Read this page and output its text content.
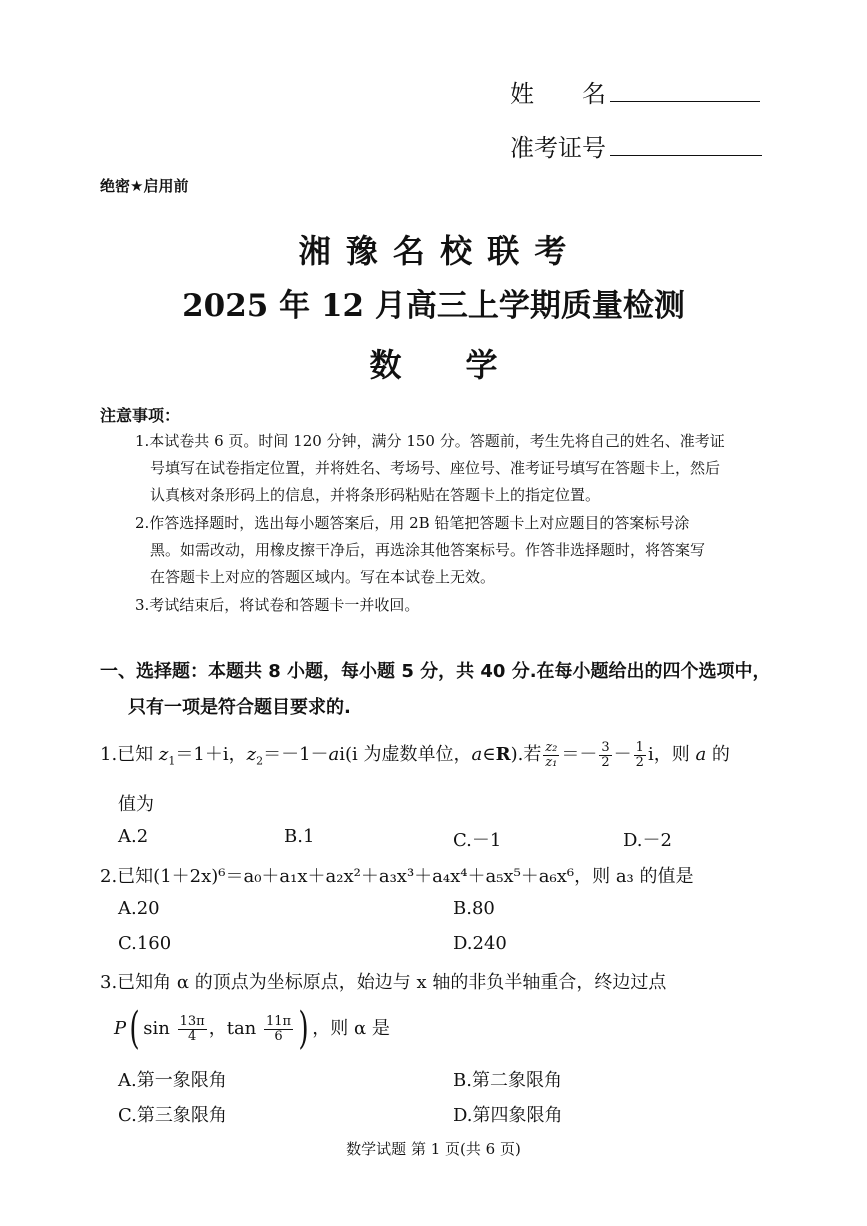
姓　　名
准考证号
绝密★启用前
湘 豫 名 校 联 考
2025 年 12 月高三上学期质量检测
数　　学
注意事项：
1.本试卷共 6 页。时间 120 分钟，满分 150 分。答题前，考生先将自己的姓名、准考证
号填写在试卷指定位置，并将姓名、考场号、座位号、准考证号填写在答题卡上，然后
认真核对条形码上的信息，并将条形码粘贴在答题卡上的指定位置。
2.作答选择题时，选出每小题答案后，用 2B 铅笔把答题卡上对应题目的答案标号涂
黑。如需改动，用橡皮擦干净后，再选涂其他答案标号。作答非选择题时，将答案写
在答题卡上对应的答题区域内。写在本试卷上无效。
3.考试结束后，将试卷和答题卡一并收回。
一、选择题：本题共 8 小题，每小题 5 分，共 40 分.在每小题给出的四个选项中，
只有一项是符合题目要求的.
1.已知 $z_1=1+i$，$z_2=-1-ai(i$ 为虚数单位，a∈R).若 $\frac{\text{z₂}}{\text{z₁}} =- \frac{3}{2} - \frac{1}{2}$ i，则 a 的
值为
A.2	B.1	C.－1	D.－2
2.已知(1＋2x)⁶＝a₀＋a₁x＋a₂x²＋a₃x³＋a₄x⁴＋a₅x⁵＋a₆x⁶，则 a₃ 的值是
A.20	B.80
C.160	D.240
3.已知角 α 的顶点为坐标原点，始边与 x 轴的非负半轴重合，终边过点
P( $\sin \frac{13\pi}{4}$ ，$\tan \frac{11\pi}{6}$ ) ，则 α 是
A.第一象限角	B.第二象限角
C.第三象限角	D.第四象限角
数学试题 第 1 页(共 6 页)
